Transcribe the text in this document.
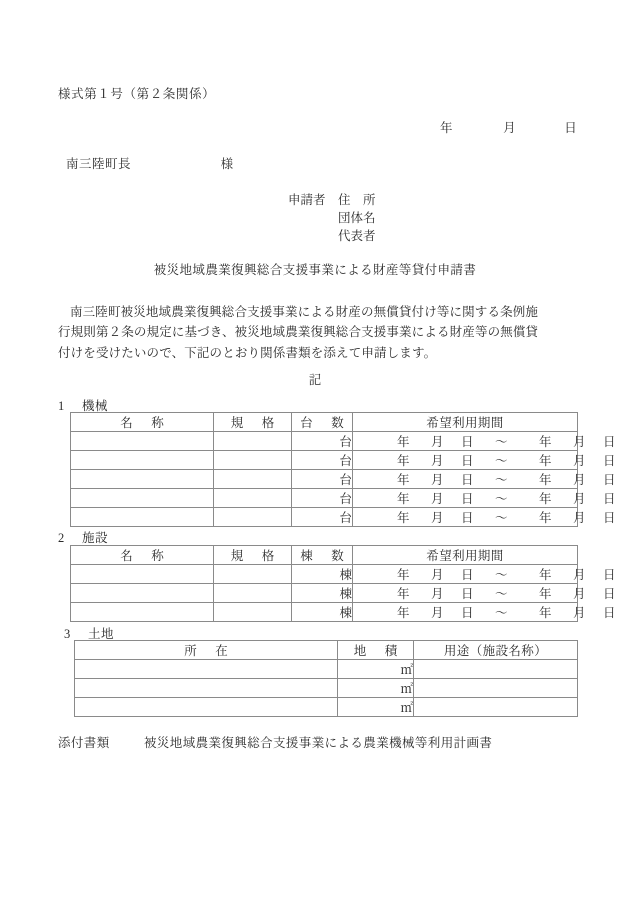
様式第１号（第２条関係）
年	月	日
南三陸町長	様
申請者 住　所
団体名
代表者
被災地域農業復興総合支援事業による財産等貸付申請書
南三陸町被災地域農業復興総合支援事業による財産の無償貸付け等に関する条例施
行規則第２条の規定に基づき、被災地域農業復興総合支援事業による財産等の無償貸
付けを受けたいので、下記のとおり関係書類を添えて申請します。
記
1 機械
名　称	規　格	台　数	希望利用期間
		台	年 月 日 ～ 年 月 日
		台	年 月 日 ～ 年 月 日
		台	年 月 日 ～ 年 月 日
		台	年 月 日 ～ 年 月 日
		台	年 月 日 ～ 年 月 日
2 施設
名　称	規　格	棟　数	希望利用期間
		棟	年 月 日 ～ 年 月 日
		棟	年 月 日 ～ 年 月 日
		棟	年 月 日 ～ 年 月 日
3 土地
所　在	地　積	用途（施設名称）
	㎡	
	㎡	
	㎡	
添付書類	被災地域農業復興総合支援事業による農業機械等利用計画書
